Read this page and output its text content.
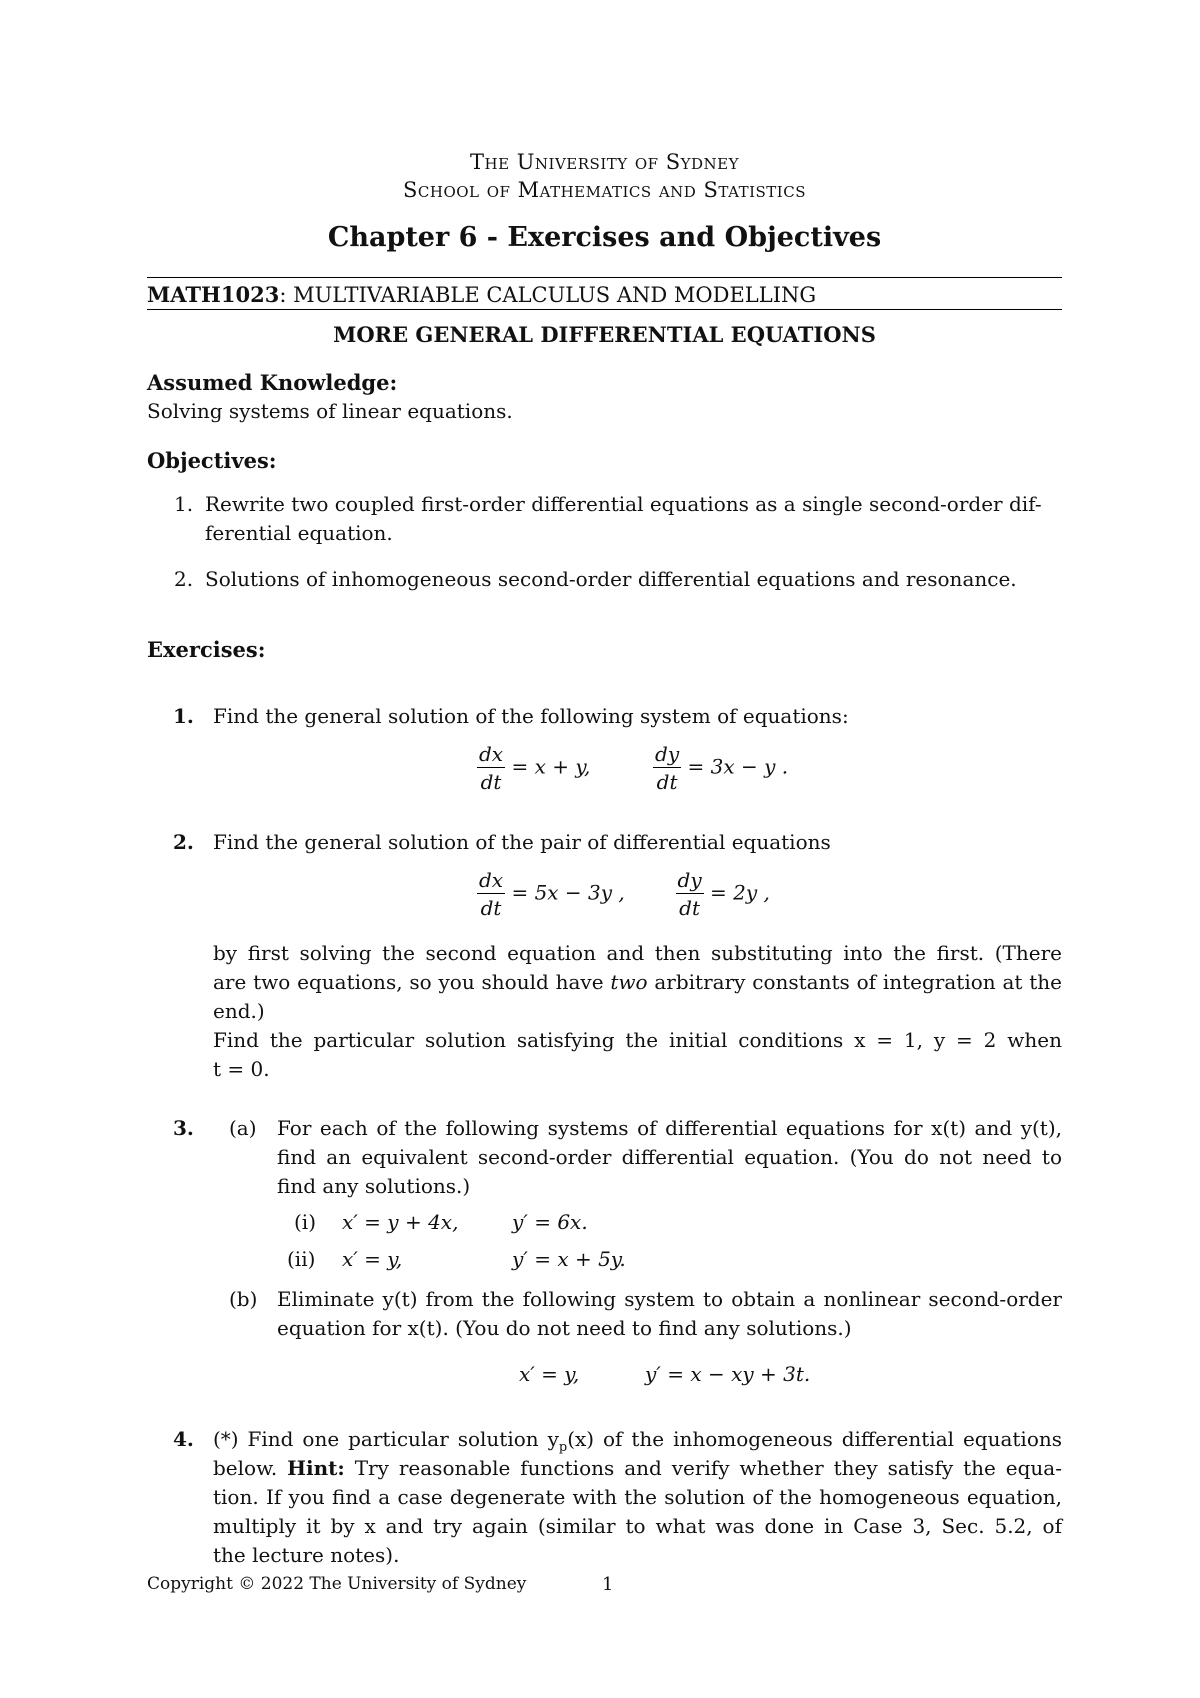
The University of Sydney
School of Mathematics and Statistics
Chapter 6 - Exercises and Objectives
MATH1023: MULTIVARIABLE CALCULUS AND MODELLING
MORE GENERAL DIFFERENTIAL EQUATIONS
Assumed Knowledge:
Solving systems of linear equations.
Objectives:
1. Rewrite two coupled first-order differential equations as a single second-order dif-
ferential equation.
2. Solutions of inhomogeneous second-order differential equations and resonance.
Exercises:
1. Find the general solution of the following system of equations:
$\frac{dx}{dt} = x + y$,	$\frac{dy}{dt} = 3x - y$ .
2. Find the general solution of the pair of differential equations
$\frac{dx}{dt} = 5x - 3y$ ,	$\frac{dy}{dt} = 2y$ ,
by first solving the second equation and then substituting into the first. (There
are two equations, so you should have two arbitrary constants of integration at the
end.)
Find the particular solution satisfying the initial conditions x = 1, y = 2 when
t = 0.
3. (a) For each of the following systems of differential equations for x(t) and y(t),
find an equivalent second-order differential equation. (You do not need to
find any solutions.)
(i) x′ = y + 4x,	y′ = 6x.
(ii) x′ = y,	y′ = x + 5y.
(b) Eliminate y(t) from the following system to obtain a nonlinear second-order
equation for x(t). (You do not need to find any solutions.)
x′ = y,	y′ = x − xy + 3t.
4. (*) Find one particular solution $y_p(x)$ of the inhomogeneous differential equations
below. Hint: Try reasonable functions and verify whether they satisfy the equa-
tion. If you find a case degenerate with the solution of the homogeneous equation,
multiply it by x and try again (similar to what was done in Case 3, Sec. 5.2, of
the lecture notes).
Copyright © 2022 The University of Sydney	1
